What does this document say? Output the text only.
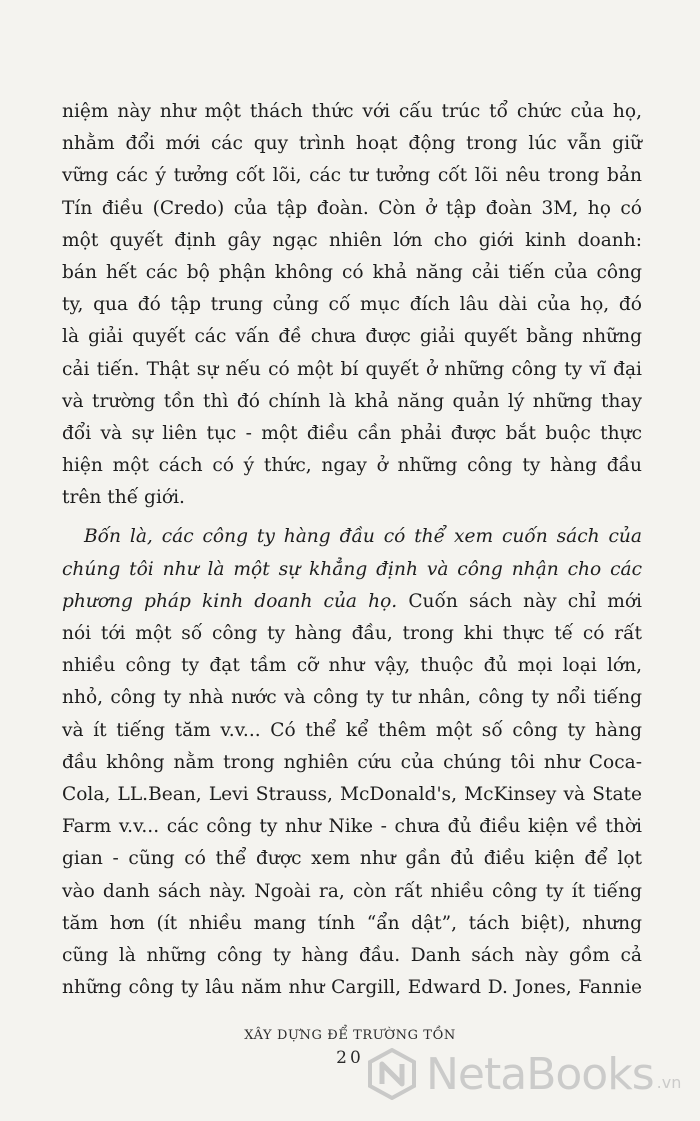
niệm này như một thách thức với cấu trúc tổ chức của họ,
nhằm đổi mới các quy trình hoạt động trong lúc vẫn giữ
vững các ý tưởng cốt lõi, các tư tưởng cốt lõi nêu trong bản
Tín điều (Credo) của tập đoàn. Còn ở tập đoàn 3M, họ có
một quyết định gây ngạc nhiên lớn cho giới kinh doanh:
bán hết các bộ phận không có khả năng cải tiến của công
ty, qua đó tập trung củng cố mục đích lâu dài của họ, đó
là giải quyết các vấn đề chưa được giải quyết bằng những
cải tiến. Thật sự nếu có một bí quyết ở những công ty vĩ đại
và trường tồn thì đó chính là khả năng quản lý những thay
đổi và sự liên tục - một điều cần phải được bắt buộc thực
hiện một cách có ý thức, ngay ở những công ty hàng đầu
trên thế giới.
Bốn là, các công ty hàng đầu có thể xem cuốn sách của
chúng tôi như là một sự khẳng định và công nhận cho các
phương pháp kinh doanh của họ. Cuốn sách này chỉ mới
nói tới một số công ty hàng đầu, trong khi thực tế có rất
nhiều công ty đạt tầm cỡ như vậy, thuộc đủ mọi loại lớn,
nhỏ, công ty nhà nước và công ty tư nhân, công ty nổi tiếng
và ít tiếng tăm v.v... Có thể kể thêm một số công ty hàng
đầu không nằm trong nghiên cứu của chúng tôi như Coca-
Cola, LL.Bean, Levi Strauss, McDonald's, McKinsey và State
Farm v.v... các công ty như Nike - chưa đủ điều kiện về thời
gian - cũng có thể được xem như gần đủ điều kiện để lọt
vào danh sách này. Ngoài ra, còn rất nhiều công ty ít tiếng
tăm hơn (ít nhiều mang tính “ẩn dật”, tách biệt), nhưng
cũng là những công ty hàng đầu. Danh sách này gồm cả
những công ty lâu năm như Cargill, Edward D. Jones, Fannie
XÂY DỰNG ĐỂ TRƯỜNG TỒN
20	NetaBooks .vn
